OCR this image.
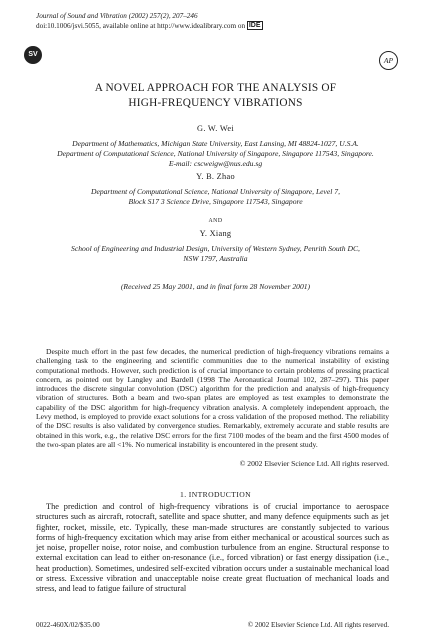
Journal of Sound and Vibration (2002) 257(2), 207–246
doi:10.1006/jsvi.5055, available online at http://www.idealibrary.com on IDE
SV
AP
A NOVEL APPROACH FOR THE ANALYSIS OF
HIGH-FREQUENCY VIBRATIONS
G. W. Wei
Department of Mathematics, Michigan State University, East Lansing, MI 48824-1027, U.S.A.
Department of Computational Science, National University of Singapore, Singapore 117543, Singapore.
E-mail: cscweigw@nus.edu.sg
Y. B. Zhao
Department of Computational Science, National University of Singapore, Level 7,
Block S17 3 Science Drive, Singapore 117543, Singapore
AND
Y. Xiang
School of Engineering and Industrial Design, University of Western Sydney, Penrith South DC,
NSW 1797, Australia
(Received 25 May 2001, and in final form 28 November 2001)

Despite much effort in the past few decades, the numerical prediction of high-frequency vibrations remains a challenging task to the engineering and scientific communities due to the numerical instability of existing computational methods. However, such prediction is of crucial importance to certain problems of pressing practical concern, as pointed out by Langley and Bardell (1998 The Aeronautical Journal 102, 287–297). This paper introduces the discrete singular convolution (DSC) algorithm for the prediction and analysis of high-frequency vibration of structures. Both a beam and two-span plates are employed as test examples to demonstrate the capability of the DSC algorithm for high-frequency vibration analysis. A completely independent approach, the Levy method, is employed to provide exact solutions for a cross validation of the proposed method. The reliability of the DSC results is also validated by convergence studies. Remarkably, extremely accurate and stable results are obtained in this work, e.g., the relative DSC errors for the first 7100 modes of the beam and the first 4500 modes of the two-span plates are all <1%. No numerical instability is encountered in the present study.

© 2002 Elsevier Science Ltd. All rights reserved.
1. INTRODUCTION

The prediction and control of high-frequency vibrations is of crucial importance to aerospace structures such as aircraft, rotocraft, satellite and space shutter, and many defence equipments such as jet fighter, rocket, missile, etc. Typically, these man-made structures are constantly subjected to various forms of high-frequency excitation which may arise from either mechanical or acoustical sources such as jet noise, propeller noise, rotor noise, and combustion turbulence from an engine. Structural response to external excitation can lead to either on-resonance (i.e., forced vibration) or fast energy dissipation (i.e., heat production). Sometimes, undesired self-excited vibration occurs under a sustainable mechanical load or stress. Excessive vibration and unacceptable noise create great fluctuation of mechanical loads and stress, and lead to fatigue failure of structural

0022-460X/02/$35.00	© 2002 Elsevier Science Ltd. All rights reserved.
